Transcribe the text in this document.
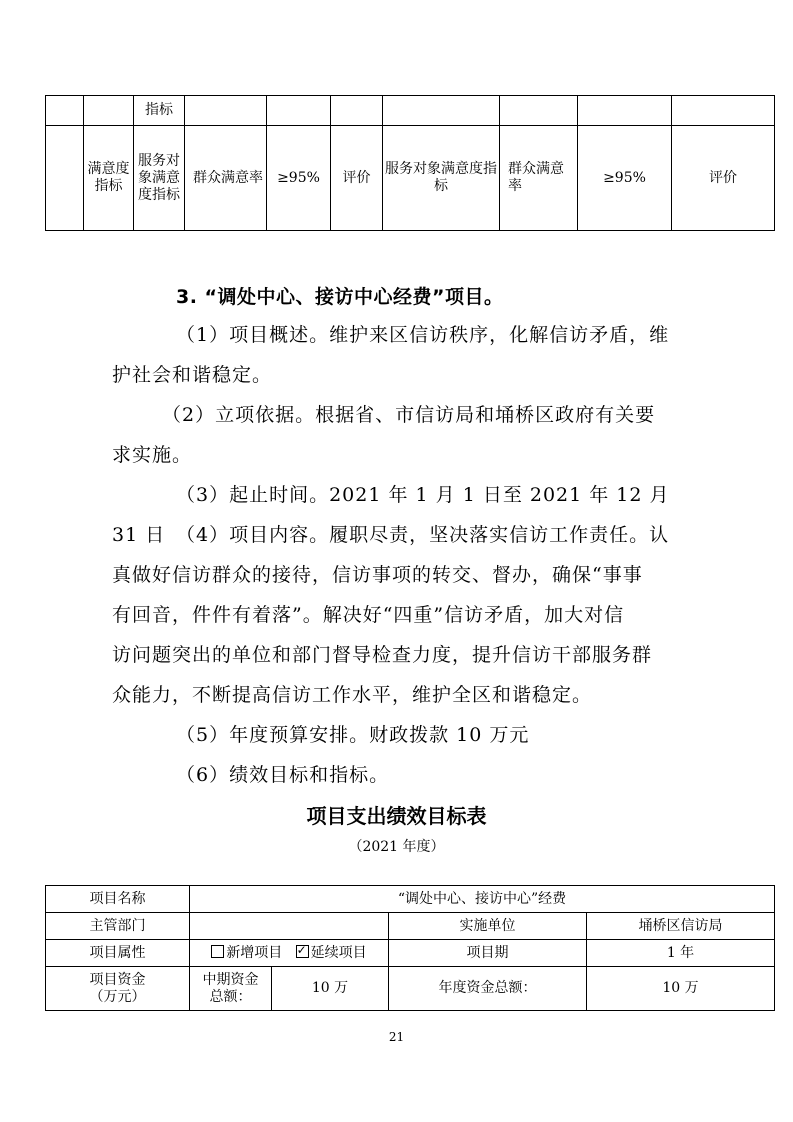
		指标							
	满意度指标	服务对象满意度指标	群众满意率	≥95%	评价	服务对象满意度指标	群众满意率	≥95%	评价
3. “调处中心、接访中心经费”项目。
（1）项目概述。维护来区信访秩序，化解信访矛盾，维
护社会和谐稳定。
（2）立项依据。根据省、市信访局和埇桥区政府有关要
求实施。
（3）起止时间。2021 年 1 月 1 日至 2021 年 12 月 31 日 （4）项目内容。履职尽责，坚决落实信访工作责任。认
真做好信访群众的接待，信访事项的转交、督办，确保“事事
有回音，件件有着落”。解决好“四重”信访矛盾，加大对信
访问题突出的单位和部门督导检查力度，提升信访干部服务群
众能力，不断提高信访工作水平，维护全区和谐稳定。
（5）年度预算安排。财政拨款 10 万元
（6）绩效目标和指标。
项目支出绩效目标表
（2021 年度）
项目名称	“调处中心、接访中心”经费			
主管部门			实施单位	埇桥区信访局
项目属性	新增项目 ✓ 延续项目		项目期	1 年

项目资金
（万元）	中期资金总额：	10 万	年度资金总额：	10 万
21
